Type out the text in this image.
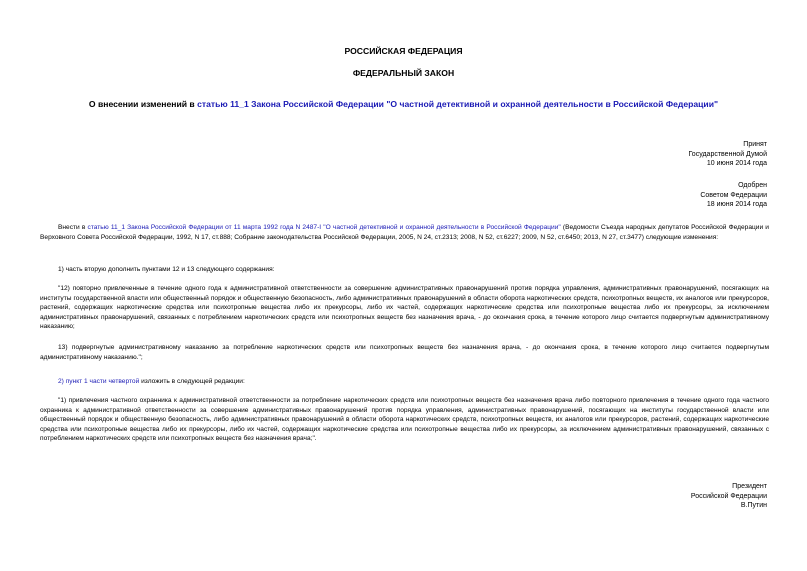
РОССИЙСКАЯ ФЕДЕРАЦИЯ
ФЕДЕРАЛЬНЫЙ ЗАКОН
О внесении изменений в статью 11_1 Закона Российской Федерации "О частной детективной и охранной деятельности в Российской Федерации"
Принят
Государственной Думой
10 июня 2014 года
Одобрен
Советом Федерации
18 июня 2014 года
Внести в статью 11_1 Закона Российской Федерации от 11 марта 1992 года N 2487-I "О частной детективной и охранной деятельности в Российской Федерации" (Ведомости Съезда народных депутатов Российской Федерации и Верховного Совета Российской Федерации, 1992, N 17, ст.888; Собрание законодательства Российской Федерации, 2005, N 24, ст.2313; 2008, N 52, ст.6227; 2009, N 52, ст.6450; 2013, N 27, ст.3477) следующие изменения:
1) часть вторую дополнить пунктами 12 и 13 следующего содержания:
"12) повторно привлеченные в течение одного года к административной ответственности за совершение административных правонарушений против порядка управления, административных правонарушений, посягающих на институты государственной власти или общественный порядок и общественную безопасность, либо административных правонарушений в области оборота наркотических средств, психотропных веществ, их аналогов или прекурсоров, растений, содержащих наркотические средства или психотропные вещества либо их прекурсоры, либо их частей, содержащих наркотические средства или психотропные вещества либо их прекурсоры, за исключением административных правонарушений, связанных с потреблением наркотических средств или психотропных веществ без назначения врача, - до окончания срока, в течение которого лицо считается подвергнутым административному наказанию;
13) подвергнутые административному наказанию за потребление наркотических средств или психотропных веществ без назначения врача, - до окончания срока, в течение которого лицо считается подвергнутым административному наказанию.";
2) пункт 1 части четвертой изложить в следующей редакции:
"1) привлечения частного охранника к административной ответственности за потребление наркотических средств или психотропных веществ без назначения врача либо повторного привлечения в течение одного года частного охранника к административной ответственности за совершение административных правонарушений против порядка управления, административных правонарушений, посягающих на институты государственной власти или общественный порядок и общественную безопасность, либо административных правонарушений в области оборота наркотических средств, психотропных веществ, их аналогов или прекурсоров, растений, содержащих наркотические средства или психотропные вещества либо их прекурсоры, либо их частей, содержащих наркотические средства или психотропные вещества либо их прекурсоры, за исключением административных правонарушений, связанных с потреблением наркотических средств или психотропных веществ без назначения врача;".
Президент
Российской Федерации
В.Путин
